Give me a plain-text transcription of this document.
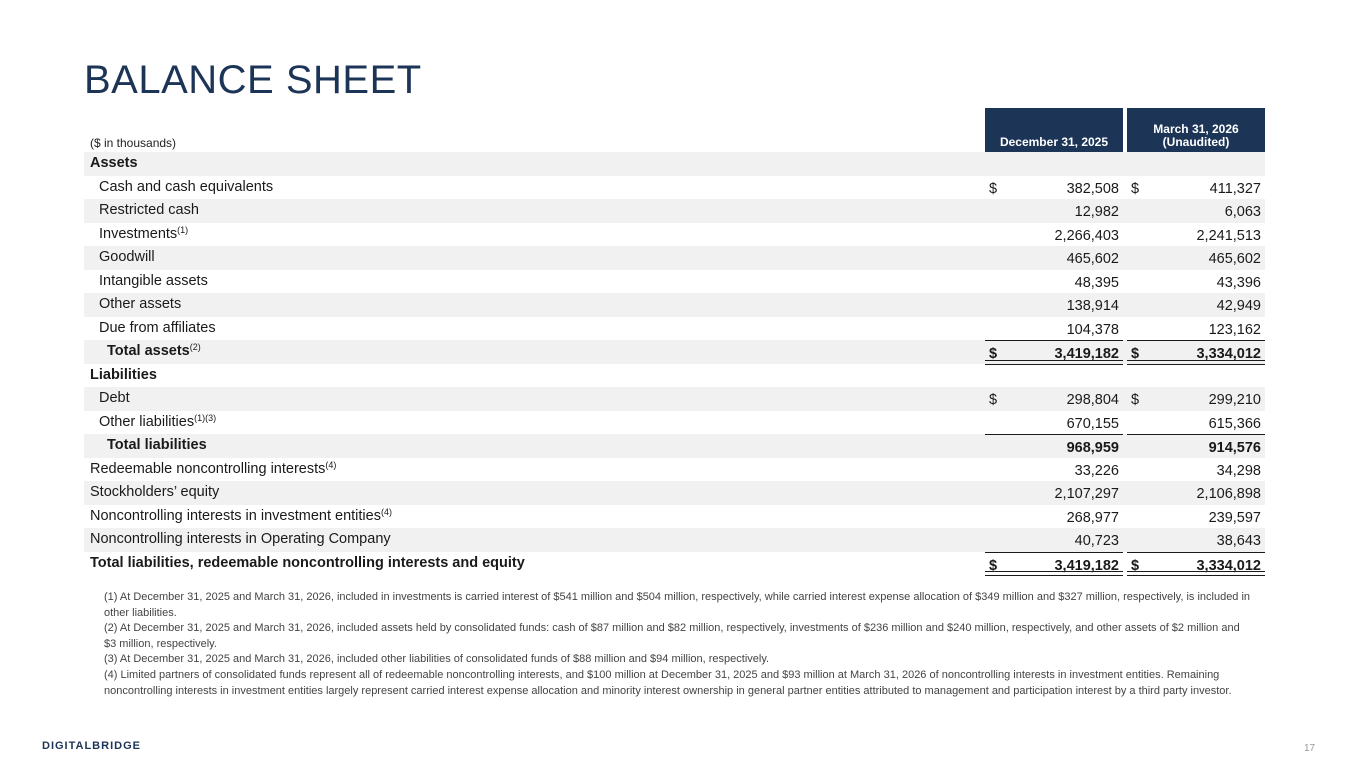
BALANCE SHEET
($ in thousands)	December 31, 2025
March 31, 2026
(Unaudited)
Assets
Cash and cash equivalents	$	382,508 $	411,327
Restricted cash	12,982	6,063
Investments$^{(1)}$	2,266,403	2,241,513
Goodwill	465,602	465,602
Intangible assets	48,395	43,396
Other assets	138,914	42,949
Due from affiliates	104,378	123,162
Total assets$^{(2)}$	$	3,419,182 $	3,334,012
Liabilities
Debt	$	298,804 $	299,210
Other liabilities$^{(1)(3)}$	670,155	615,366
Total liabilities	968,959	914,576
Redeemable noncontrolling interests$^{(4)}$	33,226	34,298
Stockholders’ equity	2,107,297	2,106,898
Noncontrolling interests in investment entities$^{(4)}$	268,977	239,597
Noncontrolling interests in Operating Company	40,723	38,643
Total liabilities, redeemable noncontrolling interests and equity	$	3,419,182 $	3,334,012
(1) At December 31, 2025 and March 31, 2026, included in investments is carried interest of $541 million and $504 million, respectively, while carried interest expense allocation of $349 million and $327 million, respectively, is included in other liabilities.
(2) At December 31, 2025 and March 31, 2026, included assets held by consolidated funds: cash of $87 million and $82 million, respectively, investments of $236 million and $240 million, respectively, and other assets of $2 million and $3 million, respectively.
(3) At December 31, 2025 and March 31, 2026, included other liabilities of consolidated funds of $88 million and $94 million, respectively.
(4) Limited partners of consolidated funds represent all of redeemable noncontrolling interests, and $100 million at December 31, 2025 and $93 million at March 31, 2026 of noncontrolling interests in investment entities. Remaining noncontrolling interests in investment entities largely represent carried interest expense allocation and minority interest ownership in general partner entities attributed to management and participation interest by a third party investor.
DIGITALBRIDGE	17
